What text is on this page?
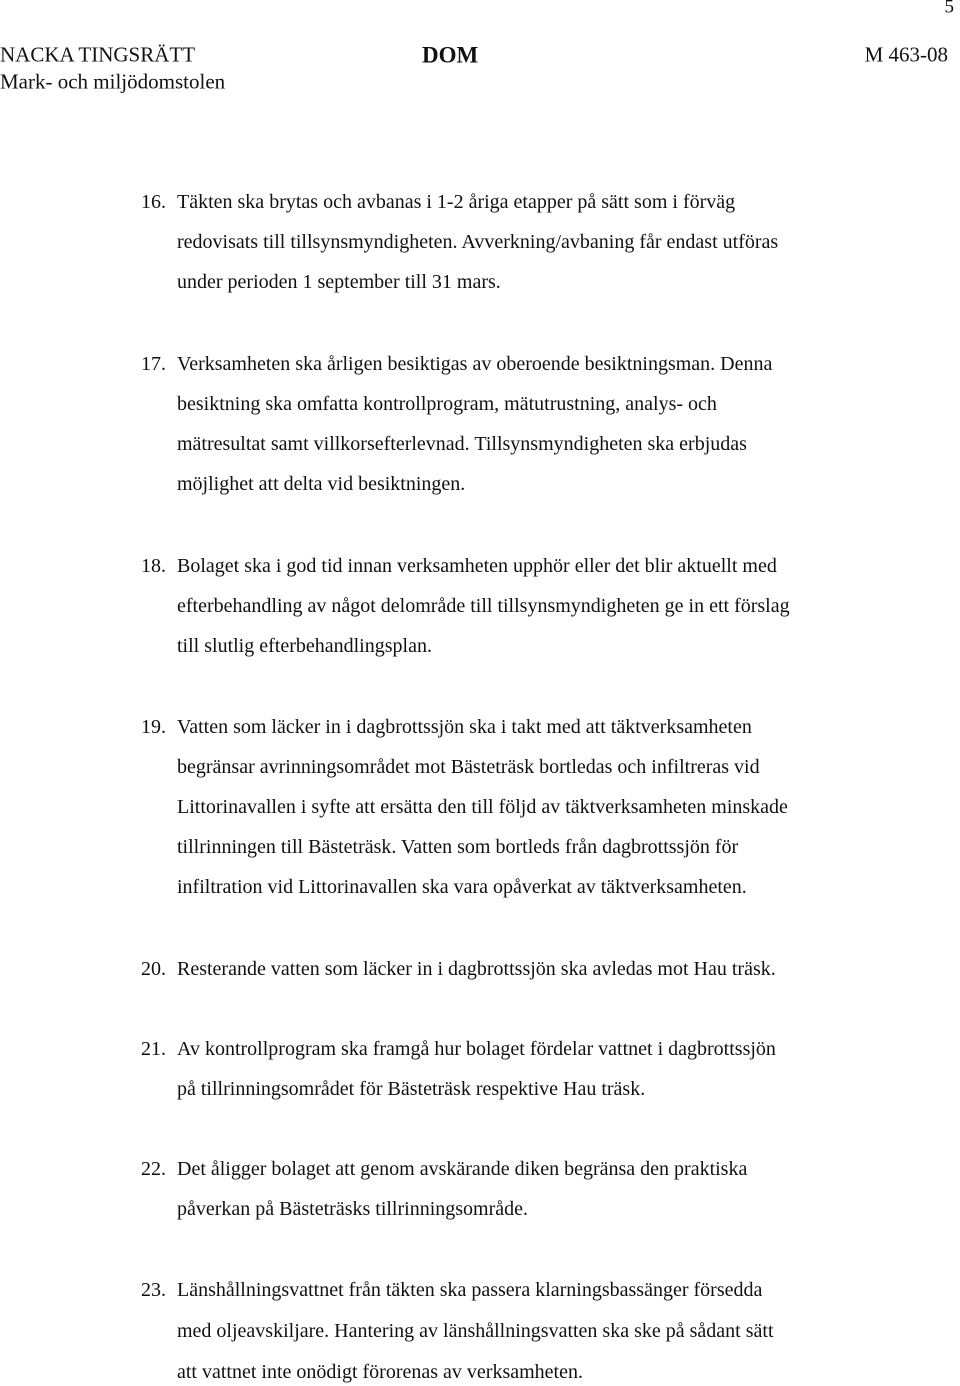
5
NACKA TINGSRÄTT
Mark- och miljödomstolen
DOM	M 463-08
16. Täkten ska brytas och avbanas i 1-2 åriga etapper på sätt som i förväg
redovisats till tillsynsmyndigheten. Avverkning/avbaning får endast utföras
under perioden 1 september till 31 mars.
17. Verksamheten ska årligen besiktigas av oberoende besiktningsman. Denna
besiktning ska omfatta kontrollprogram, mätutrustning, analys- och
mätresultat samt villkorsefterlevnad. Tillsynsmyndigheten ska erbjudas
möjlighet att delta vid besiktningen.
18. Bolaget ska i god tid innan verksamheten upphör eller det blir aktuellt med
efterbehandling av något delområde till tillsynsmyndigheten ge in ett förslag
till slutlig efterbehandlingsplan.
19. Vatten som läcker in i dagbrottssjön ska i takt med att täktverksamheten
begränsar avrinningsområdet mot Bästeträsk bortledas och infiltreras vid
Littorinavallen i syfte att ersätta den till följd av täktverksamheten minskade
tillrinningen till Bästeträsk. Vatten som bortleds från dagbrottssjön för
infiltration vid Littorinavallen ska vara opåverkat av täktverksamheten.
20. Resterande vatten som läcker in i dagbrottssjön ska avledas mot Hau träsk.
21. Av kontrollprogram ska framgå hur bolaget fördelar vattnet i dagbrottssjön
på tillrinningsområdet för Bästeträsk respektive Hau träsk.
22. Det åligger bolaget att genom avskärande diken begränsa den praktiska
påverkan på Bästeträsks tillrinningsområde.
23. Länshållningsvattnet från täkten ska passera klarningsbassänger försedda
med oljeavskiljare. Hantering av länshållningsvatten ska ske på sådant sätt
att vattnet inte onödigt förorenas av verksamheten.
